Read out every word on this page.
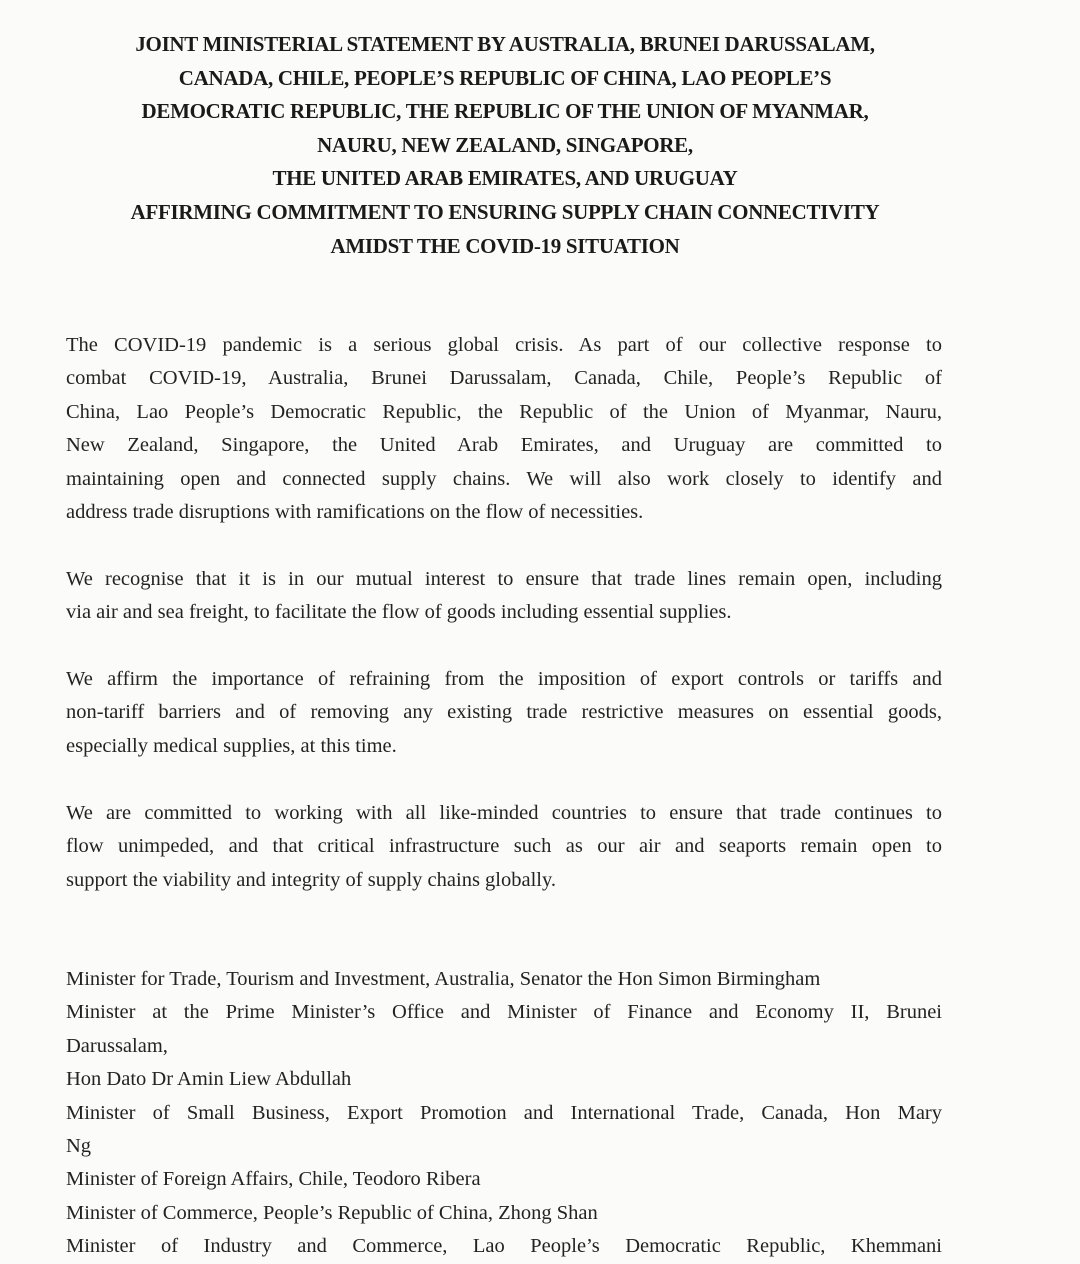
JOINT MINISTERIAL STATEMENT BY AUSTRALIA, BRUNEI DARUSSALAM,
CANADA, CHILE, PEOPLE’S REPUBLIC OF CHINA, LAO PEOPLE’S
DEMOCRATIC REPUBLIC, THE REPUBLIC OF THE UNION OF MYANMAR,
NAURU, NEW ZEALAND, SINGAPORE,
THE UNITED ARAB EMIRATES, AND URUGUAY
AFFIRMING COMMITMENT TO ENSURING SUPPLY CHAIN CONNECTIVITY
AMIDST THE COVID-19 SITUATION
The COVID-19 pandemic is a serious global crisis. As part of our collective response to
combat COVID-19, Australia, Brunei Darussalam, Canada, Chile, People’s Republic of
China, Lao People’s Democratic Republic, the Republic of the Union of Myanmar, Nauru,
New Zealand, Singapore, the United Arab Emirates, and Uruguay are committed to
maintaining open and connected supply chains. We will also work closely to identify and
address trade disruptions with ramifications on the flow of necessities.
We recognise that it is in our mutual interest to ensure that trade lines remain open, including
via air and sea freight, to facilitate the flow of goods including essential supplies.
We affirm the importance of refraining from the imposition of export controls or tariffs and
non-tariff barriers and of removing any existing trade restrictive measures on essential goods,
especially medical supplies, at this time.
We are committed to working with all like-minded countries to ensure that trade continues to
flow unimpeded, and that critical infrastructure such as our air and seaports remain open to
support the viability and integrity of supply chains globally.
Minister for Trade, Tourism and Investment, Australia, Senator the Hon Simon Birmingham
Minister at the Prime Minister’s Office and Minister of Finance and Economy II, Brunei
Darussalam,
Hon Dato Dr Amin Liew Abdullah
Minister of Small Business, Export Promotion and International Trade, Canada, Hon Mary
Ng
Minister of Foreign Affairs, Chile, Teodoro Ribera
Minister of Commerce, People’s Republic of China, Zhong Shan
Minister of Industry and Commerce, Lao People’s Democratic Republic, Khemmani
